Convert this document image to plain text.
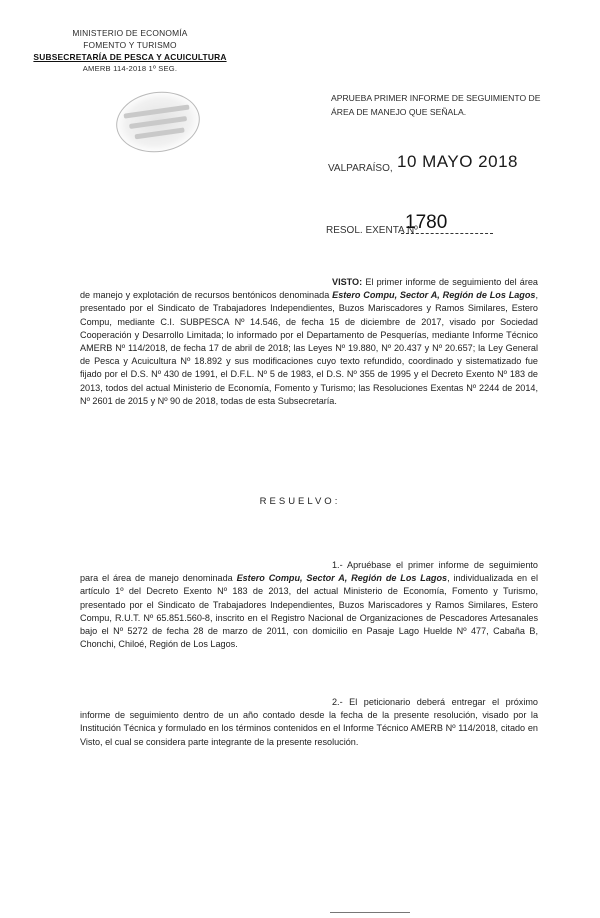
MINISTERIO DE ECONOMÍA
FOMENTO Y TURISMO
SUBSECRETARÍA DE PESCA Y ACUICULTURA
AMERB 114-2018 1º SEG.
APRUEBA PRIMER INFORME DE SEGUIMIENTO DE ÁREA DE MANEJO QUE SEÑALA.
VALPARAÍSO, 10 MAYO 2018
RESOL. EXENTA Nº
1780
VISTO: El primer informe de seguimiento del área de manejo y explotación de recursos bentónicos denominada Estero Compu, Sector A, Región de Los Lagos, presentado por el Sindicato de Trabajadores Independientes, Buzos Mariscadores y Ramos Similares, Estero Compu, mediante C.I. SUBPESCA Nº 14.546, de fecha 15 de diciembre de 2017, visado por Sociedad Cooperación y Desarrollo Limitada; lo informado por el Departamento de Pesquerías, mediante Informe Técnico AMERB Nº 114/2018, de fecha 17 de abril de 2018; las Leyes Nº 19.880, Nº 20.437 y Nº 20.657; la Ley General de Pesca y Acuicultura Nº 18.892 y sus modificaciones cuyo texto refundido, coordinado y sistematizado fue fijado por el D.S. Nº 430 de 1991, el D.F.L. Nº 5 de 1983, el D.S. Nº 355 de 1995 y el Decreto Exento Nº 183 de 2013, todos del actual Ministerio de Economía, Fomento y Turismo; las Resoluciones Exentas Nº 2244 de 2014, Nº 2601 de 2015 y Nº 90 de 2018, todas de esta Subsecretaría.
RESUELVO:
1.- Apruébase el primer informe de seguimiento para el área de manejo denominada Estero Compu, Sector A, Región de Los Lagos, individualizada en el artículo 1º del Decreto Exento Nº 183 de 2013, del actual Ministerio de Economía, Fomento y Turismo, presentado por el Sindicato de Trabajadores Independientes, Buzos Mariscadores y Ramos Similares, Estero Compu, R.U.T. Nº 65.851.560-8, inscrito en el Registro Nacional de Organizaciones de Pescadores Artesanales bajo el Nº 5272 de fecha 28 de marzo de 2011, con domicilio en Pasaje Lago Huelde Nº 477, Cabaña B, Chonchi, Chiloé, Región de Los Lagos.
2.- El peticionario deberá entregar el próximo informe de seguimiento dentro de un año contado desde la fecha de la presente resolución, visado por la Institución Técnica y formulado en los términos contenidos en el Informe Técnico AMERB Nº 114/2018, citado en Visto, el cual se considera parte integrante de la presente resolución.
